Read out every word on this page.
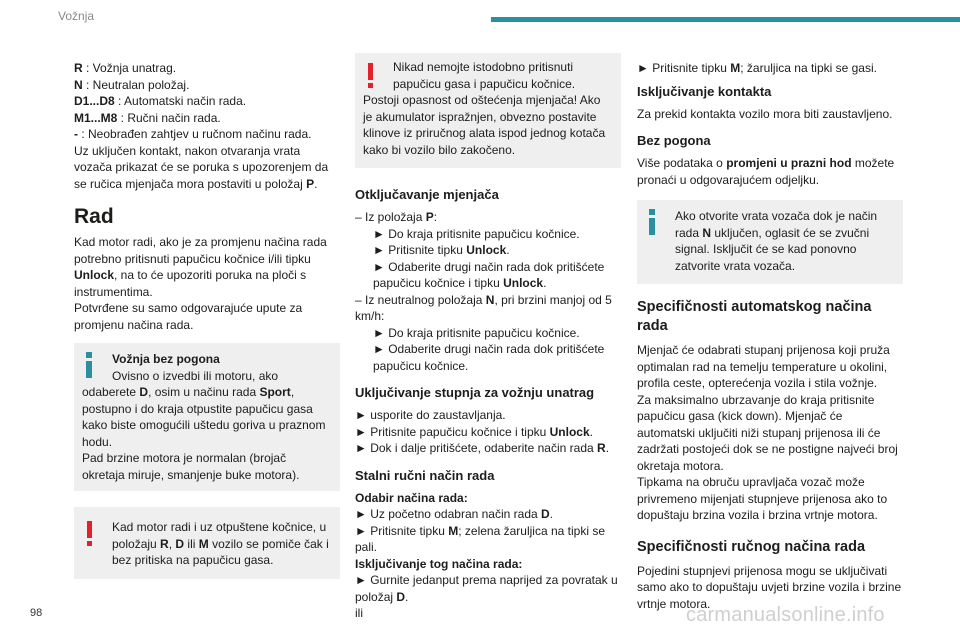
Vožnja

R : Vožnja unatrag.

N : Neutralan položaj.

D1...D8 : Automatski način rada.

M1...M8 : Ručni način rada.

- : Neobrađen zahtjev u ručnom načinu rada.

Uz uključen kontakt, nakon otvaranja vrata vozača prikazat će se poruka s upozorenjem da se ručica mjenjača mora postaviti u položaj P.

Rad

Kad motor radi, ako je za promjenu načina rada potrebno pritisnuti papučicu kočnice i/ili tipku Unlock, na to će upozoriti poruka na ploči s instrumentima.

Potvrđene su samo odgovarajuće upute za promjenu načina rada.

Vožnja bez pogona

Ovisno o izvedbi ili motoru, ako

odaberete D, osim u načinu rada Sport, postupno i do kraja otpustite papučicu gasa kako biste omogućili uštedu goriva u praznom hodu.

Pad brzine motora je normalan (brojač okretaja miruje, smanjenje buke motora).

Kad motor radi i uz otpuštene kočnice, u

položaju R, D ili M vozilo se pomiče čak i bez pritiska na papučicu gasa.

Nikad nemojte istodobno pritisnuti

papučicu gasa i papučicu kočnice.

Postoji opasnost od oštećenja mjenjača! Ako je akumulator ispražnjen, obvezno postavite klinove iz priručnog alata ispod jednog kotača kako bi vozilo bilo zakočeno.

Otključavanje mjenjača

– Iz položaja P:

► Do kraja pritisnite papučicu kočnice.

► Pritisnite tipku Unlock.

► Odaberite drugi način rada dok pritišćete papučicu kočnice i tipku Unlock.

– Iz neutralnog položaja N, pri brzini manjoj od 5 km/h:

► Do kraja pritisnite papučicu kočnice.

► Odaberite drugi način rada dok pritišćete papučicu kočnice.

Uključivanje stupnja za vožnju unatrag

► usporite do zaustavljanja.

► Pritisnite papučicu kočnice i tipku Unlock.

► Dok i dalje pritišćete, odaberite način rada R.

Stalni ručni način rada

Odabir načina rada:

► Uz početno odabran način rada D.

► Pritisnite tipku M; zelena žaruljica na tipki se pali.

Isključivanje tog načina rada:

► Gurnite jedanput prema naprijed za povratak u položaj D.

ili

► Pritisnite tipku M; žaruljica na tipki se gasi.

Isključivanje kontakta

Za prekid kontakta vozilo mora biti zaustavljeno.

Bez pogona

Više podataka o promjeni u prazni hod možete pronaći u odgovarajućem odjeljku.

Ako otvorite vrata vozača dok je način

rada N uključen, oglasit će se zvučni signal. Isključit će se kad ponovno zatvorite vrata vozača.

Specifičnosti automatskog načina rada

Mjenjač će odabrati stupanj prijenosa koji pruža optimalan rad na temelju temperature u okolini, profila ceste, opterećenja vozila i stila vožnje.

Za maksimalno ubrzavanje do kraja pritisnite papučicu gasa (kick down). Mjenjač će automatski uključiti niži stupanj prijenosa ili će zadržati postojeći dok se ne postigne najveći broj okretaja motora.

Tipkama na obruču upravljača vozač može privremeno mijenjati stupnjeve prijenosa ako to dopuštaju brzina vozila i brzina vrtnje motora.

Specifičnosti ručnog načina rada

Pojedini stupnjevi prijenosa mogu se uključivati samo ako to dopuštaju uvjeti brzine vozila i brzine vrtnje motora.

98	carmanualsonline.info
